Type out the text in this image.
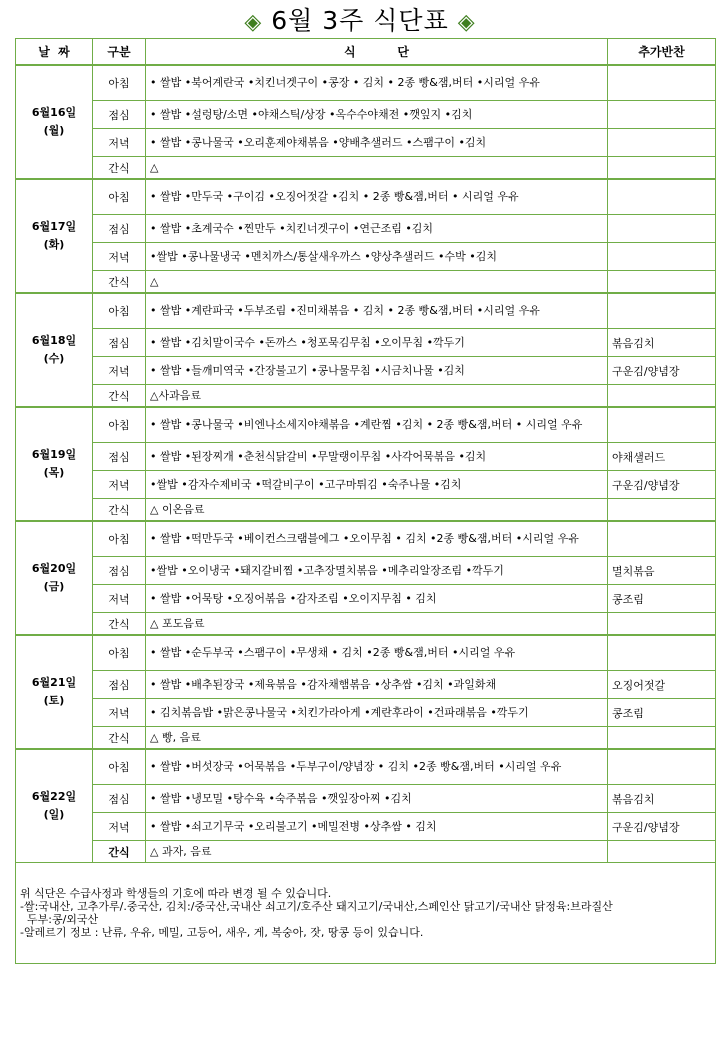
◈ 6월 3주 식단표 ◈
날  짜	구분	식          단	추가반찬

6월16일
(월)	아침	• 쌀밥 •북어계란국 •치킨너겟구이 •콩장 • 김치 • 2종 빵&잼,버터 •시리얼 우유	
	점심	• 쌀밥 •설렁탕/소면 •야채스틱/상장 •옥수수야채전 •깻잎지 •김치	
	저녁	• 쌀밥 •콩나물국 •오리훈제야채볶음 •양배추샐러드 •스팸구이 •김치	
	간식	△	

6월17일
(화)	아침	• 쌀밥 •만두국 •구이김 •오징어젓갈 •김치 • 2종 빵&잼,버터 • 시리얼 우유	
	점심	• 쌀밥 •초계국수 •찐만두 •치킨너겟구이 •연근조림 •김치	
	저녁	•쌀밥 •콩나물냉국 •멘치까스/통살새우까스 •양상추샐러드 •수박 •김치	
	간식	△	

6월18일
(수)	아침	• 쌀밥 •계란파국 •두부조림 •진미채볶음 • 김치 • 2종 빵&잼,버터 •시리얼 우유	
	점심	• 쌀밥 •김치말이국수 •돈까스 •청포묵김무침 •오이무침 •깍두기	볶음김치
	저녁	• 쌀밥 •들깨미역국 •간장불고기 •콩나물무침 •시금치나물 •김치	구운김/양념장
	간식	△사과음료	

6월19일
(목)	아침	• 쌀밥 •콩나물국 •비엔나소세지야채볶음 •계란찜 •김치 • 2종 빵&잼,버터 • 시리얼 우유	
	점심	• 쌀밥 •된장찌개 •춘천식닭갈비 •무말랭이무침 •사각어묵볶음 •김치	야채샐러드
	저녁	•쌀밥 •감자수제비국 •떡갈비구이 •고구마튀김 •숙주나물 •김치	구운김/양념장
	간식	△ 이온음료	

6월20일
(금)	아침	• 쌀밥 •떡만두국 •베이컨스크램블에그 •오이무침 • 김치 •2종 빵&잼,버터 •시리얼 우유	
	점심	•쌀밥 •오이냉국 •돼지갈비찜 •고추장멸치볶음 •메추리알장조림 •깍두기	멸치볶음
	저녁	• 쌀밥 •어묵탕 •오징어볶음 •감자조림 •오이지무침 • 김치	콩조림
	간식	△ 포도음료	

6월21일
(토)	아침	• 쌀밥 •순두부국 •스팸구이 •무생채 • 김치 •2종 빵&잼,버터 •시리얼 우유	
	점심	• 쌀밥 •배추된장국 •제육볶음 •감자채햄볶음 •상추쌈 •김치 •과일화채	오징어젓갈
	저녁	• 김치볶음밥 •맑은콩나물국 •치킨가라아게 •계란후라이 •건파래볶음 •깍두기	콩조림
	간식	△ 빵, 음료	

6월22일
(일)	아침	• 쌀밥 •버섯장국 •어묵볶음 •두부구이/양념장 • 김치 •2종 빵&잼,버터 •시리얼 우유	
	점심	• 쌀밥 •냉모밀 •탕수육 •숙주볶음 •깻잎장아찌 •김치	볶음김치
	저녁	• 쌀밥 •쇠고기무국 •오리불고기 •메밀전병 •상추쌈 • 김치	구운김/양념장
	간식	△ 과자, 음료	

위 식단은 수급사정과 학생들의 기호에 따라 변경 될 수 있습니다.
-쌀:국내산, 고추가루/.중국산, 김치:/중국산,국내산 쇠고기/호주산 돼지고기/국내산,스페인산 닭고기/국내산 닭정육:브라질산
두부:콩/외국산
-알레르기 정보 : 난류, 우유, 메밀, 고등어, 새우, 게, 복숭아, 잣, 땅콩 등이 있습니다.			
